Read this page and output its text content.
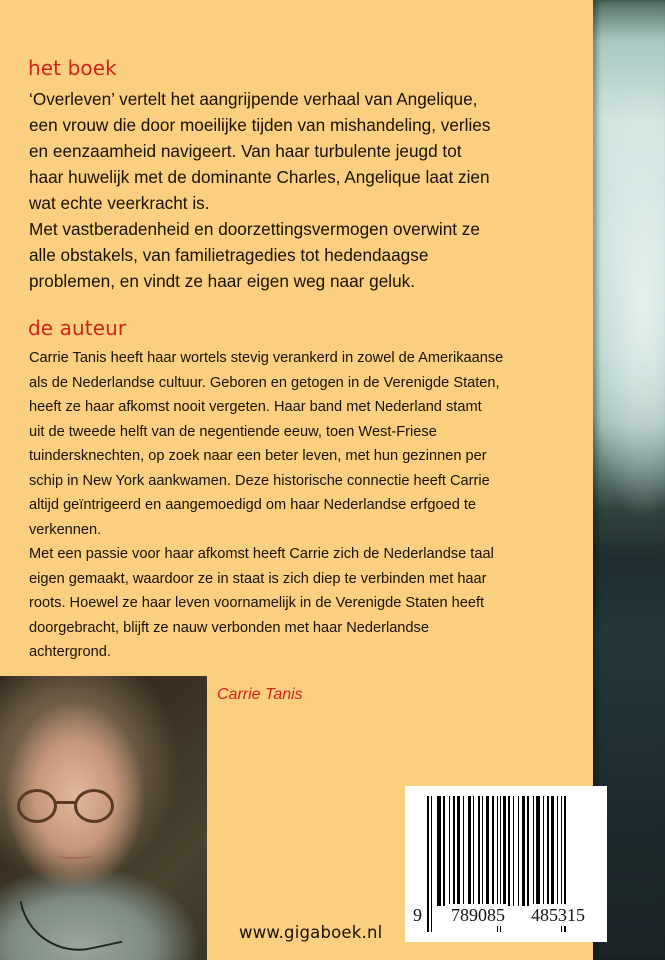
het boek

‘Overleven’ vertelt het aangrijpende verhaal van Angelique,
een vrouw die door moeilijke tijden van mishandeling, verlies
en eenzaamheid navigeert. Van haar turbulente jeugd tot
haar huwelijk met de dominante Charles, Angelique laat zien
wat echte veerkracht is.
Met vastberadenheid en doorzettingsvermogen overwint ze
alle obstakels, van familietragedies tot hedendaagse
problemen, en vindt ze haar eigen weg naar geluk.

de auteur

Carrie Tanis heeft haar wortels stevig verankerd in zowel de Amerikaanse
als de Nederlandse cultuur. Geboren en getogen in de Verenigde Staten,
heeft ze haar afkomst nooit vergeten. Haar band met Nederland stamt
uit de tweede helft van de negentiende eeuw, toen West-Friese
tuindersknechten, op zoek naar een beter leven, met hun gezinnen per
schip in New York aankwamen. Deze historische connectie heeft Carrie
altijd geïntrigeerd en aangemoedigd om haar Nederlandse erfgoed te
verkennen.
Met een passie voor haar afkomst heeft Carrie zich de Nederlandse taal
eigen gemaakt, waardoor ze in staat is zich diep te verbinden met haar
roots. Hoewel ze haar leven voornamelijk in de Verenigde Staten heeft
doorgebracht, blijft ze nauw verbonden met haar Nederlandse
achtergrond.

Carrie Tanis

www.gigaboek.nl

9 789085 485315
